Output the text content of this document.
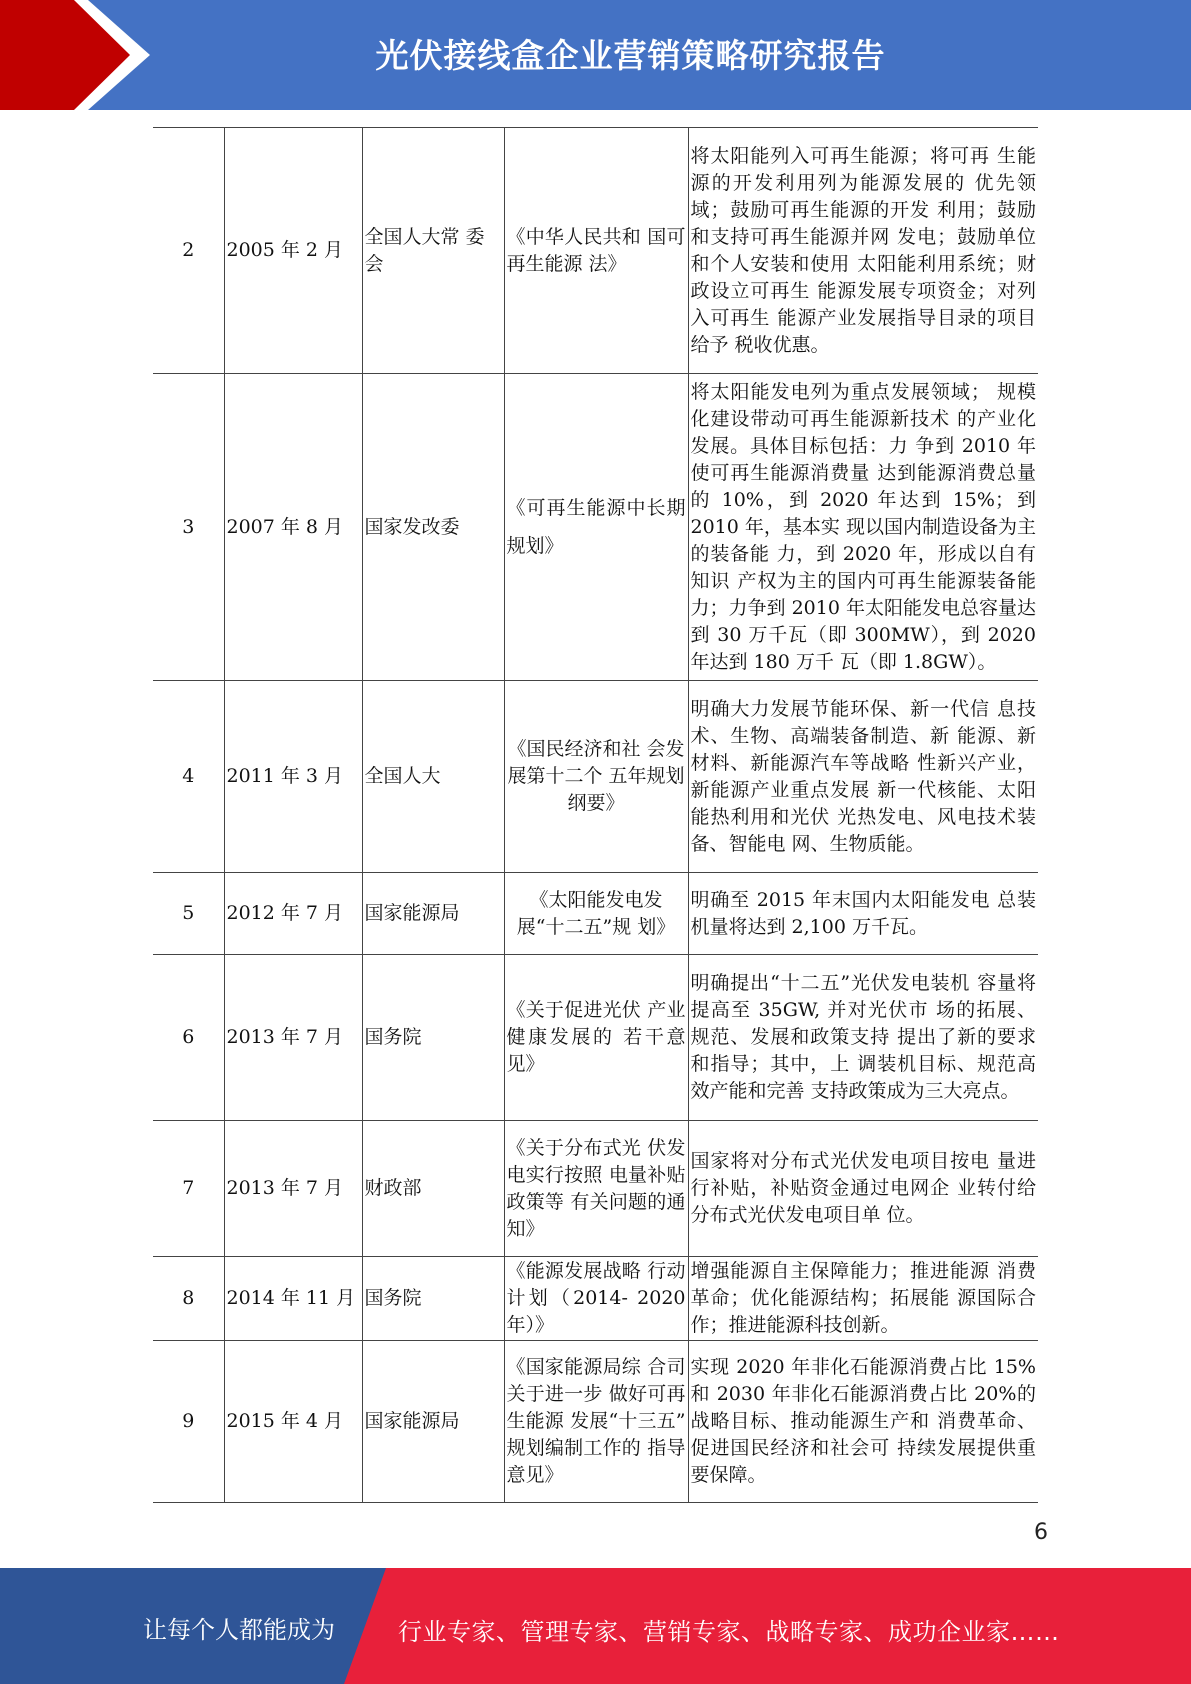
光伏接线盒企业营销策略研究报告
2	2005 年 2 月	全国人大常 委会	《中华人民共和 国可再生能源 法》	将太阳能列入可再生能源；将可再 生能源的开发利用列为能源发展的 优先领域；鼓励可再生能源的开发 利用；鼓励和支持可再生能源并网 发电；鼓励单位和个人安装和使用 太阳能利用系统；财政设立可再生 能源发展专项资金；对列入可再生 能源产业发展指导目录的项目给予 税收优惠。
3	2007 年 8 月	国家发改委	《可再生能源中长期规划》	将太阳能发电列为重点发展领域； 规模化建设带动可再生能源新技术 的产业化发展。具体目标包括：力 争到 2010 年使可再生能源消费量 达到能源消费总量的 10%，到 2020 年达到 15%；到 2010 年，基本实 现以国内制造设备为主的装备能 力，到 2020 年，形成以自有知识 产权为主的国内可再生能源装备能 力；力争到 2010 年太阳能发电总容量达到 30 万千瓦（即 300MW），到 2020 年达到 180 万千 瓦（即 1.8GW）。
4	2011 年 3 月	全国人大	《国民经济和社 会发展第十二个 五年规划纲要》	明确大力发展节能环保、新一代信 息技术、生物、高端装备制造、新 能源、新材料、新能源汽车等战略 性新兴产业，新能源产业重点发展 新一代核能、太阳能热利用和光伏 光热发电、风电技术装备、智能电 网、生物质能。
5	2012 年 7 月	国家能源局	《太阳能发电发 展“十二五”规 划》	明确至 2015 年末国内太阳能发电 总装机量将达到 2,100 万千瓦。
6	2013 年 7 月	国务院	《关于促进光伏 产业健康发展的 若干意见》	明确提出“十二五”光伏发电装机 容量将提高至 35GW, 并对光伏市 场的拓展、规范、发展和政策支持 提出了新的要求和指导；其中，上 调装机目标、规范高效产能和完善 支持政策成为三大亮点。
7	2013 年 7 月	财政部	《关于分布式光 伏发电实行按照 电量补贴政策等 有关问题的通 知》	国家将对分布式光伏发电项目按电 量进行补贴，补贴资金通过电网企 业转付给分布式光伏发电项目单 位。
8	2014 年 11 月	国务院	《能源发展战略 行动计划（2014- 2020 年）》	增强能源自主保障能力；推进能源 消费革命；优化能源结构；拓展能 源国际合作；推进能源科技创新。
9	2015 年 4 月	国家能源局	《国家能源局综 合司关于进一步 做好可再生能源 发展“十三五” 规划编制工作的 指导意见》	实现 2020 年非化石能源消费占比 15%和 2030 年非化石能源消费占比 20%的战略目标、推动能源生产和 消费革命、促进国民经济和社会可 持续发展提供重要保障。
6
让每个人都能成为	行业专家、管理专家、营销专家、战略专家、成功企业家……
